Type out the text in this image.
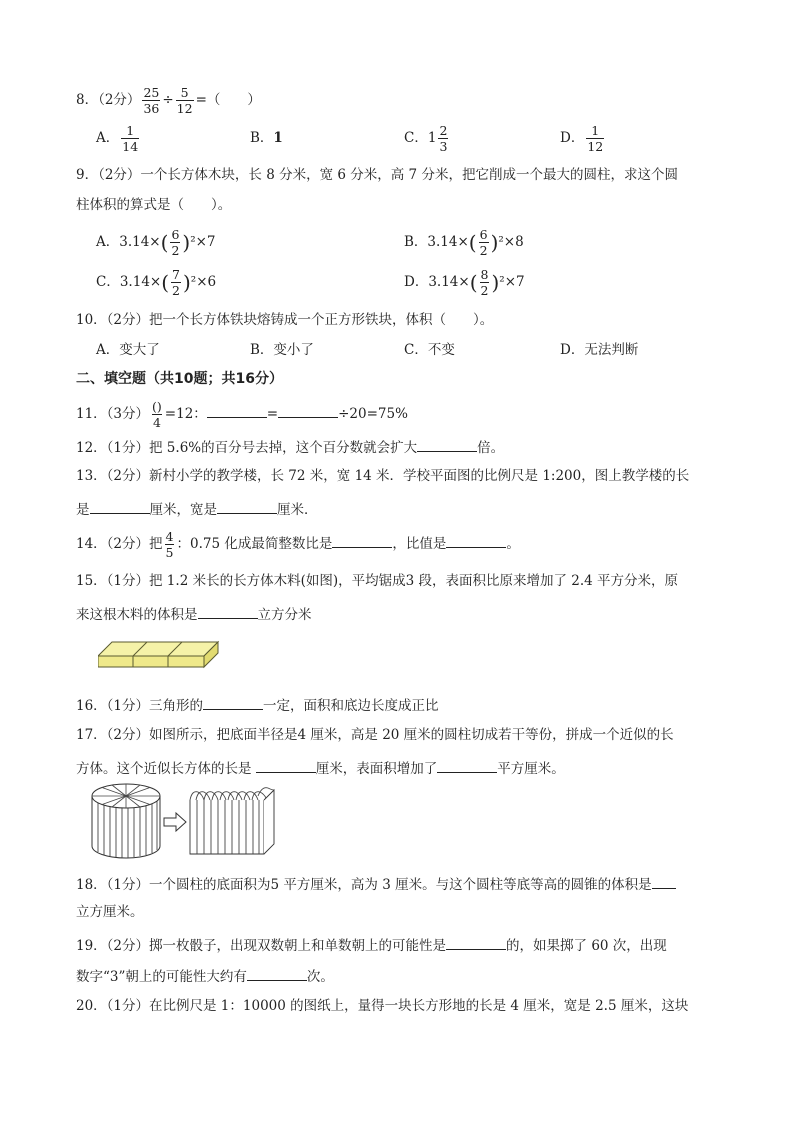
8．（2分） $\frac{25}{36} \div \frac{5}{12}$ =（　　）
A． $\frac{1}{14}$	B．1	C．$1 \frac{2}{3}$	D． $\frac{1}{12}$
9．（2分）一个长方体木块，长 8 分米，宽 6 分米，高 7 分米，把它削成一个最大的圆柱，求这个圆
柱体积的算式是（　　）。
A．$3.14\times( \frac{6}{2} )^2\times 7$	B．$3.14\times( \frac{6}{2} )^2\times 8$
C．$3.14\times( \frac{7}{2} )^2\times 6$	D．$3.14\times( \frac{8}{2} )^2\times 7$
10．（2分）把一个长方体铁块熔铸成一个正方形铁块，体积（　　）。
A．变大了	B．变小了	C．不变	D．无法判断
二、填空题（共10题；共16分）
11．（3分） $\frac{()}{4} =12$：	=	÷20=75%
12．（1分）把 5.6%的百分号去掉，这个百分数就会扩大	倍。
13．（2分）新村小学的教学楼，长 72 米，宽 14 米．学校平面图的比例尺是 1:200，图上教学楼的长
是	厘米，宽是	厘米．
14．（2分）把 $\frac{4}{5}$ ：0.75 化成最简整数比是	，比值是	。
15．（1分）把 1.2 米长的长方体木料(如图)，平均锯成3 段，表面积比原来增加了 2.4 平方分米，原
来这根木料的体积是	立方分米
16．（1分）三角形的	一定，面积和底边长度成正比
17．（2分）如图所示，把底面半径是4 厘米，高是 20 厘米的圆柱切成若干等份，拼成一个近似的长
方体。这个近似长方体的长是	厘米，表面积增加了	平方厘米。
18．（1分）一个圆柱的底面积为5 平方厘米，高为 3 厘米。与这个圆柱等底等高的圆锥的体积是
立方厘米。
19．（2分）掷一枚骰子，出现双数朝上和单数朝上的可能性是	的，如果掷了 60 次，出现
数字“3”朝上的可能性大约有	次。
20．（1分）在比例尺是 1：10000 的图纸上，量得一块长方形地的长是 4 厘米，宽是 2.5 厘米，这块
